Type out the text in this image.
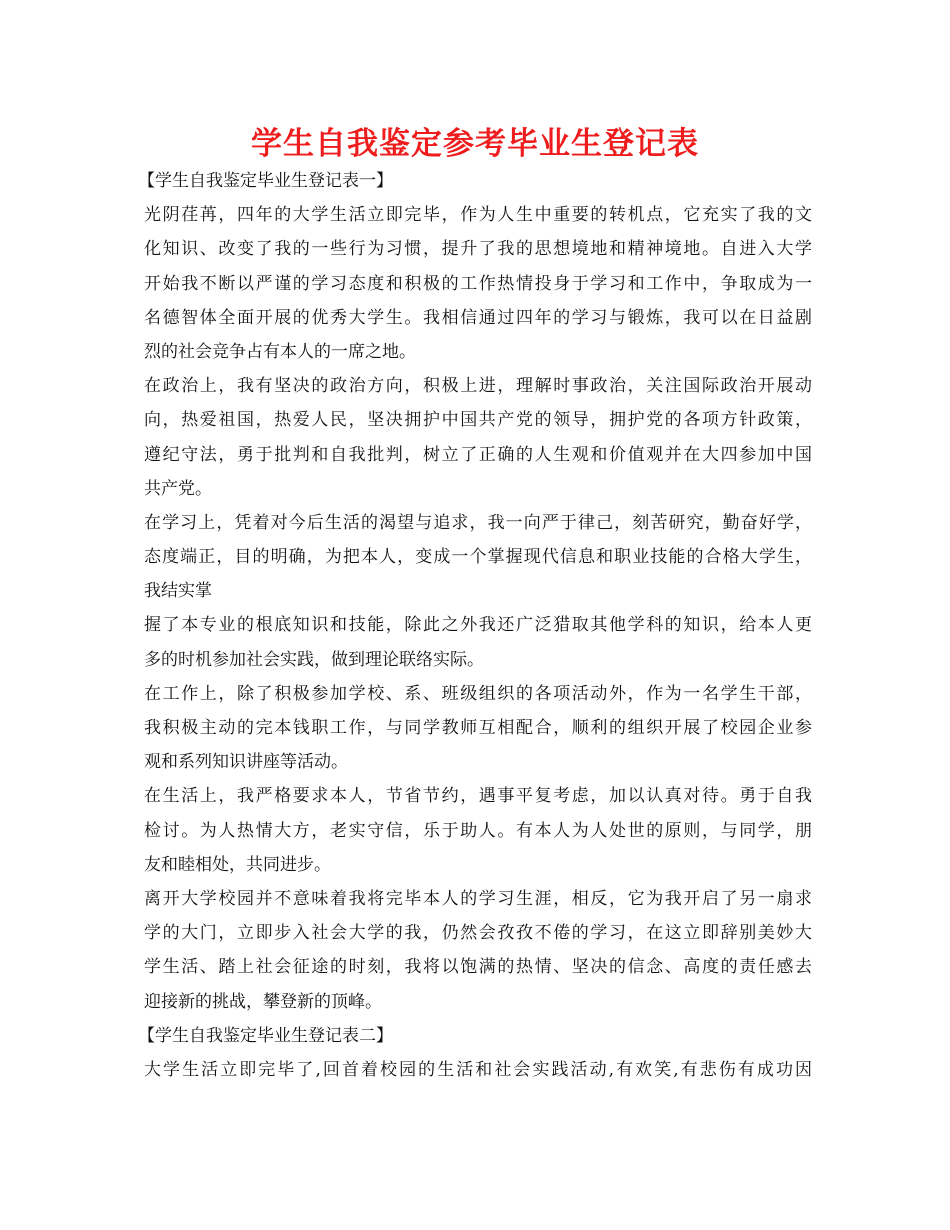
学生自我鉴定参考毕业生登记表
【学生自我鉴定毕业生登记表一】
光阴荏苒，四年的大学生活立即完毕，作为人生中重要的转机点，它充实了我的文
化知识、改变了我的一些行为习惯，提升了我的思想境地和精神境地。自进入大学
开始我不断以严谨的学习态度和积极的工作热情投身于学习和工作中，争取成为一
名德智体全面开展的优秀大学生。我相信通过四年的学习与锻炼，我可以在日益剧
烈的社会竞争占有本人的一席之地。
在政治上，我有坚决的政治方向，积极上进，理解时事政治，关注国际政治开展动
向，热爱祖国，热爱人民，坚决拥护中国共产党的领导，拥护党的各项方针政策，
遵纪守法，勇于批判和自我批判，树立了正确的人生观和价值观并在大四参加中国
共产党。
在学习上，凭着对今后生活的渴望与追求，我一向严于律己，刻苦研究，勤奋好学，
态度端正，目的明确，为把本人，变成一个掌握现代信息和职业技能的合格大学生，
我结实掌
握了本专业的根底知识和技能，除此之外我还广泛猎取其他学科的知识，给本人更
多的时机参加社会实践，做到理论联络实际。
在工作上，除了积极参加学校、系、班级组织的各项活动外，作为一名学生干部，
我积极主动的完本钱职工作，与同学教师互相配合，顺利的组织开展了校园企业参
观和系列知识讲座等活动。
在生活上，我严格要求本人，节省节约，遇事平复考虑，加以认真对待。勇于自我
检讨。为人热情大方，老实守信，乐于助人。有本人为人处世的原则，与同学，朋
友和睦相处，共同进步。
离开大学校园并不意味着我将完毕本人的学习生涯，相反，它为我开启了另一扇求
学的大门，立即步入社会大学的我，仍然会孜孜不倦的学习，在这立即辞别美妙大
学生活、踏上社会征途的时刻，我将以饱满的热情、坚决的信念、高度的责任感去
迎接新的挑战，攀登新的顶峰。
【学生自我鉴定毕业生登记表二】
大学生活立即完毕了,回首着校园的生活和社会实践活动,有欢笑,有悲伤有成功因
